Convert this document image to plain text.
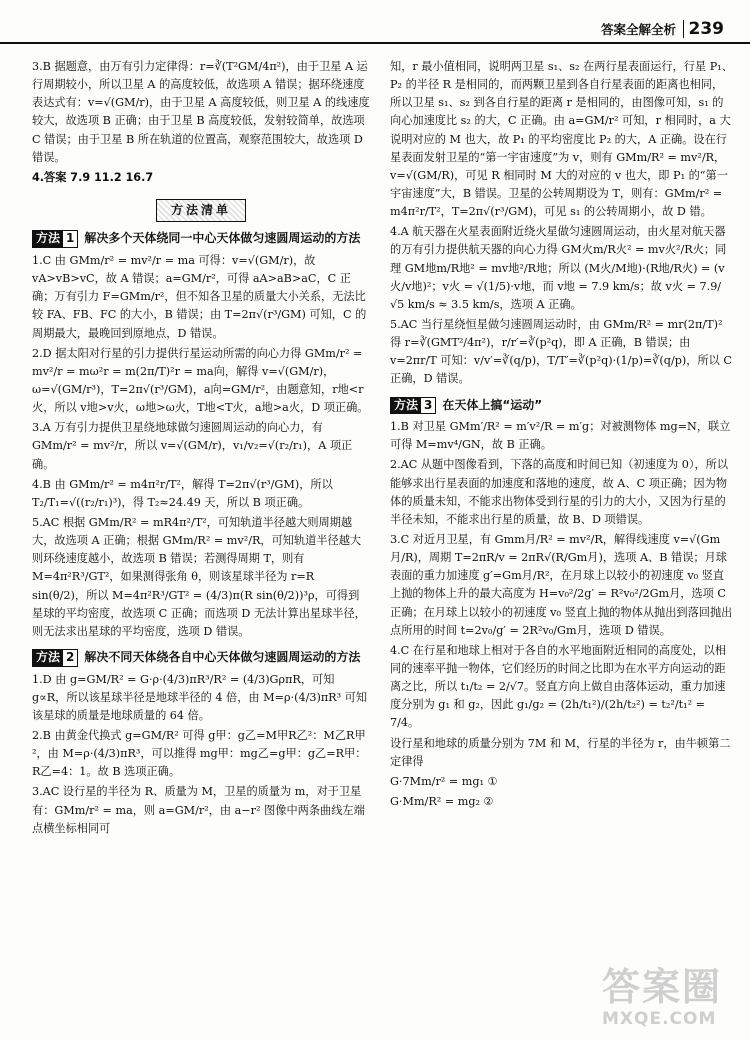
答案全解全析 239

3.B 据题意，由万有引力定律得：r=∛(T²GM/4π²)，由于卫星 A 运行周期较小，所以卫星 A 的高度较低，故选项 A 错误；据环绕速度表达式有：v=√(GM/r)，由于卫星 A 高度较低，则卫星 A 的线速度较大，故选项 B 正确；由于卫星 B 高度较低，发射较简单，故选项 C 错误；由于卫星 B 所在轨道的位置高，观察范围较大，故选项 D 错误。

4.答案 7.9 11.2 16.7

方法清单
方法 1 解决多个天体绕同一中心天体做匀速圆周运动的方法

1.C 由 GMm/r² = mv²/r = ma 可得：v=√(GM/r)，故 vA>vB>vC，故 A 错误；a=GM/r²，可得 aA>aB>aC，C 正确；万有引力 F=GMm/r²，但不知各卫星的质量大小关系，无法比较 FA、FB、FC 的大小，B 错误；由 T=2π√(r³/GM) 可知，C 的周期最大，最晚回到原地点，D 错误。

2.D 据太阳对行星的引力提供行星运动所需的向心力得 GMm/r² = mv²/r = mω²r = m(2π/T)²r = ma向，解得 v=√(GM/r)，ω=√(GM/r³)，T=2π√(r³/GM)，a向=GM/r²，由题意知，r地<r火，所以 v地>v火，ω地>ω火，T地<T火，a地>a火，D 项正确。

3.A 万有引力提供卫星绕地球做匀速圆周运动的向心力，有 GMm/r² = mv²/r，所以 v=√(GM/r)，v₁/v₂=√(r₂/r₁)，A 项正确。

4.B 由 GMm/r² = m4π²r/T²，解得 T=2π√(r³/GM)，所以 T₂/T₁=√((r₂/r₁)³)，得 T₂≈24.49 天，所以 B 项正确。

5.AC 根据 GMm/R² = mR4π²/T²，可知轨道半径越大则周期越大，故选项 A 正确；根据 GMm/R² = mv²/R，可知轨道半径越大则环绕速度越小，故选项 B 错误；若测得周期 T，则有 M=4π²R³/GT²，如果测得张角 θ，则该星球半径为 r=R sin(θ/2)，所以 M=4π²R³/GT² = (4/3)π(R sin(θ/2))³ρ，可得到星球的平均密度，故选项 C 正确；而选项 D 无法计算出星球半径，则无法求出星球的平均密度，选项 D 错误。

方法 2 解决不同天体绕各自中心天体做匀速圆周运动的方法

1.D 由 g=GM/R² = G·ρ·(4/3)πR³/R² = (4/3)GρπR，可知 g∝R，所以该星球半径是地球半径的 4 倍，由 M=ρ·(4/3)πR³ 可知该星球的质量是地球质量的 64 倍。

2.B 由黄金代换式 g=GM/R² 可得 g甲：g乙=M甲R乙²：M乙R甲²，由 M=ρ·(4/3)πR³，可以推得 mg甲：mg乙=g甲：g乙=R甲：R乙=4：1。故 B 选项正确。

3.AC 设行星的半径为 R、质量为 M，卫星的质量为 m，对于卫星有：GMm/r² = ma，则 a=GM/r²，由 a−r² 图像中两条曲线左端点横坐标相同可

知，r 最小值相同，说明两卫星 s₁、s₂ 在两行星表面运行，行星 P₁、P₂ 的半径 R 是相同的，而两颗卫星到各自行星表面的距离也相同，所以卫星 s₁、s₂ 到各自行星的距离 r 是相同的，由图像可知，s₁ 的向心加速度比 s₂ 的大，C 正确。由 a=GM/r² 可知，r 相同时，a 大说明对应的 M 也大，故 P₁ 的平均密度比 P₂ 的大，A 正确。设在行星表面发射卫星的“第一宇宙速度”为 v，则有 GMm/R² = mv²/R，v=√(GM/R)，可见 R 相同时 M 大的对应的 v 也大，即 P₁ 的“第一宇宙速度”大，B 错误。卫星的公转周期设为 T，则有：GMm/r² = m4π²r/T²，T=2π√(r³/GM)，可见 s₁ 的公转周期小，故 D 错。

4.A 航天器在火星表面附近绕火星做匀速圆周运动，由火星对航天器的万有引力提供航天器的向心力得 GM火m/R火² = mv火²/R火；同理 GM地m/R地² = mv地²/R地；所以 (M火/M地)·(R地/R火) = (v火/v地)²；v火 = √(1/5)·v地，而 v地 = 7.9 km/s；故 v火 = 7.9/√5 km/s ≈ 3.5 km/s，选项 A 正确。

5.AC 当行星绕恒星做匀速圆周运动时，由 GMm/R² = mr(2π/T)² 得 r=∛(GMT²/4π²)，r/r′=∛(p²q)，即 A 正确，B 错误；由 v=2πr/T 可知：v/v′=∛(q/p)，T/T′=∛(p²q)·(1/p)=∛(q/p)，所以 C 正确，D 错误。

方法 3 在天体上搞“运动”

1.B 对卫星 GMm′/R² = m′v²/R = m′g；对被测物体 mg=N，联立可得 M=mv⁴/GN，故 B 正确。

2.AC 从题中图像看到，下落的高度和时间已知（初速度为 0），所以能够求出行星表面的加速度和落地的速度，故 A、C 项正确；因为物体的质量未知，不能求出物体受到行星的引力的大小，又因为行星的半径未知，不能求出行星的质量，故 B、D 项错误。

3.C 对近月卫星，有 Gmm月/R² = mv²/R，解得线速度 v=√(Gm月/R)，周期 T=2πR/v = 2πR√(R/Gm月)，选项 A、B 错误；月球表面的重力加速度 g′=Gm月/R²，在月球上以较小的初速度 v₀ 竖直上抛的物体上升的最大高度为 H=v₀²/2g′ = R²v₀²/2Gm月，选项 C 正确；在月球上以较小的初速度 v₀ 竖直上抛的物体从抛出到落回抛出点所用的时间 t=2v₀/g′ = 2R²v₀/Gm月，选项 D 错误。

4.C 在行星和地球上相对于各自的水平地面附近相同的高度处，以相同的速率平抛一物体，它们经历的时间之比即为在水平方向运动的距离之比，所以 t₁/t₂ = 2/√7。竖直方向上做自由落体运动，重力加速度分别为 g₁ 和 g₂，因此 g₁/g₂ = (2h/t₁²)/(2h/t₂²) = t₂²/t₁² = 7/4。

设行星和地球的质量分别为 7M 和 M，行星的半径为 r，由牛顿第二定律得

G·7Mm/r² = mg₁ ①

G·Mm/R² = mg₂ ②

答案圈
MXQE.COM
